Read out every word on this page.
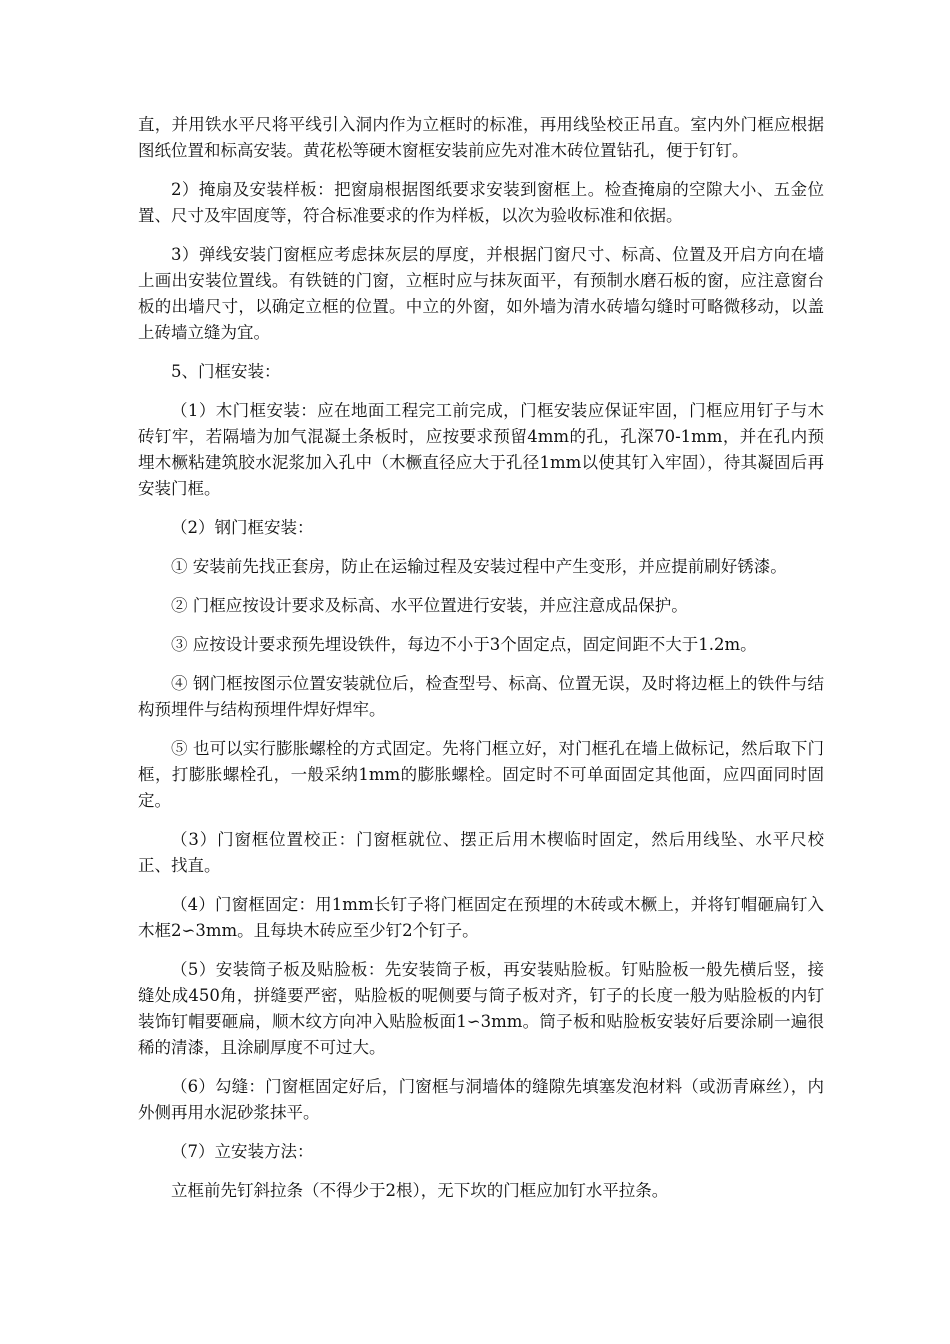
直，并用铁水平尺将平线引入洞内作为立框时的标准，再用线坠校正吊直。室内外门框应根据图纸位置和标高安装。黄花松等硬木窗框安装前应先对准木砖位置钻孔，便于钉钉。

2）掩扇及安装样板：把窗扇根据图纸要求安装到窗框上。检查掩扇的空隙大小、五金位置、尺寸及牢固度等，符合标准要求的作为样板，以次为验收标准和依据。

3）弹线安装门窗框应考虑抹灰层的厚度，并根据门窗尺寸、标高、位置及开启方向在墙上画出安装位置线。有铁链的门窗，立框时应与抹灰面平，有预制水磨石板的窗，应注意窗台板的出墙尺寸，以确定立框的位置。中立的外窗，如外墙为清水砖墙勾缝时可略微移动，以盖上砖墙立缝为宜。

5、门框安装：

（1）木门框安装：应在地面工程完工前完成，门框安装应保证牢固，门框应用钉子与木砖钉牢，若隔墙为加气混凝土条板时，应按要求预留4mm的孔，孔深70-1mm，并在孔内预埋木橛粘建筑胶水泥浆加入孔中（木橛直径应大于孔径1mm以使其钉入牢固），待其凝固后再安装门框。

（2）钢门框安装：

① 安装前先找正套房，防止在运输过程及安装过程中产生变形，并应提前刷好锈漆。

② 门框应按设计要求及标高、水平位置进行安装，并应注意成品保护。

③ 应按设计要求预先埋设铁件，每边不小于3个固定点，固定间距不大于1.2m。

④ 钢门框按图示位置安装就位后，检查型号、标高、位置无误，及时将边框上的铁件与结构预埋件与结构预埋件焊好焊牢。

⑤ 也可以实行膨胀螺栓的方式固定。先将门框立好，对门框孔在墙上做标记，然后取下门框，打膨胀螺栓孔，一般采纳1mm的膨胀螺栓。固定时不可单面固定其他面，应四面同时固定。

（3）门窗框位置校正：门窗框就位、摆正后用木楔临时固定，然后用线坠、水平尺校正、找直。

（4）门窗框固定：用1mm长钉子将门框固定在预埋的木砖或木橛上，并将钉帽砸扁钉入木框2∽3mm。且每块木砖应至少钉2个钉子。

（5）安装筒子板及贴脸板：先安装筒子板，再安装贴脸板。钉贴脸板一般先横后竖，接缝处成450角，拼缝要严密，贴脸板的呢侧要与筒子板对齐，钉子的长度一般为贴脸板的内钉装饰钉帽要砸扁，顺木纹方向冲入贴脸板面1∽3mm。筒子板和贴脸板安装好后要涂刷一遍很稀的清漆，且涂刷厚度不可过大。

（6）勾缝：门窗框固定好后，门窗框与洞墙体的缝隙先填塞发泡材料（或沥青麻丝），内外侧再用水泥砂浆抹平。

（7）立安装方法：

立框前先钉斜拉条（不得少于2根），无下坎的门框应加钉水平拉条。
